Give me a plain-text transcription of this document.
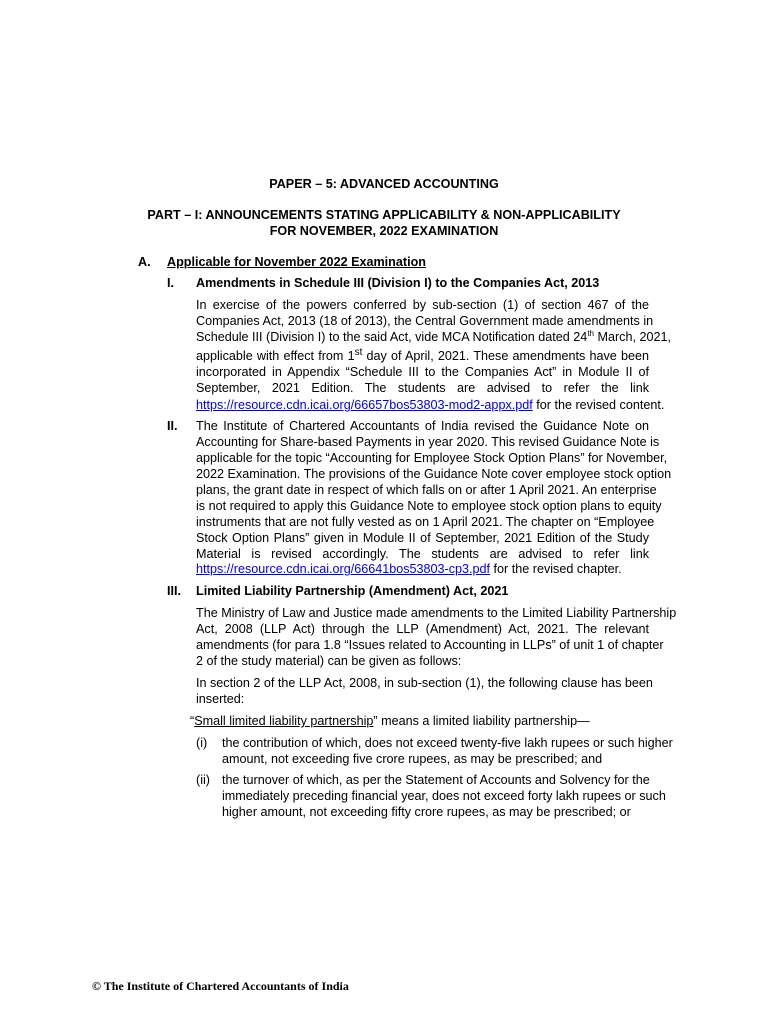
PAPER – 5: ADVANCED ACCOUNTING
PART – I: ANNOUNCEMENTS STATING APPLICABILITY & NON-APPLICABILITY
FOR NOVEMBER, 2022 EXAMINATION
A. Applicable for November 2022 Examination
I. Amendments in Schedule III (Division I) to the Companies Act, 2013
In exercise of the powers conferred by sub-section (1) of section 467 of the
Companies Act, 2013 (18 of 2013), the Central Government made amendments in
Schedule III (Division I) to the said Act, vide MCA Notification dated 24th March, 2021,
applicable with effect from 1st day of April, 2021. These amendments have been
incorporated in Appendix “Schedule III to the Companies Act” in Module II of
September, 2021 Edition. The students are advised to refer the link
https://resource.cdn.icai.org/66657bos53803-mod2-appx.pdf for the revised content.
II. The Institute of Chartered Accountants of India revised the Guidance Note on
Accounting for Share-based Payments in year 2020. This revised Guidance Note is
applicable for the topic “Accounting for Employee Stock Option Plans” for November,
2022 Examination. The provisions of the Guidance Note cover employee stock option
plans, the grant date in respect of which falls on or after 1 April 2021. An enterprise
is not required to apply this Guidance Note to employee stock option plans to equity
instruments that are not fully vested as on 1 April 2021. The chapter on “Employee
Stock Option Plans” given in Module II of September, 2021 Edition of the Study
Material is revised accordingly. The students are advised to refer link
https://resource.cdn.icai.org/66641bos53803-cp3.pdf for the revised chapter.
III. Limited Liability Partnership (Amendment) Act, 2021
The Ministry of Law and Justice made amendments to the Limited Liability Partnership
Act, 2008 (LLP Act) through the LLP (Amendment) Act, 2021. The relevant
amendments (for para 1.8 “Issues related to Accounting in LLPs” of unit 1 of chapter
2 of the study material) can be given as follows:
In section 2 of the LLP Act, 2008, in sub-section (1), the following clause has been
inserted:
“Small limited liability partnership” means a limited liability partnership—
(i) the contribution of which, does not exceed twenty-five lakh rupees or such higher
amount, not exceeding five crore rupees, as may be prescribed; and
(ii) the turnover of which, as per the Statement of Accounts and Solvency for the
immediately preceding financial year, does not exceed forty lakh rupees or such
higher amount, not exceeding fifty crore rupees, as may be prescribed; or
© The Institute of Chartered Accountants of India
